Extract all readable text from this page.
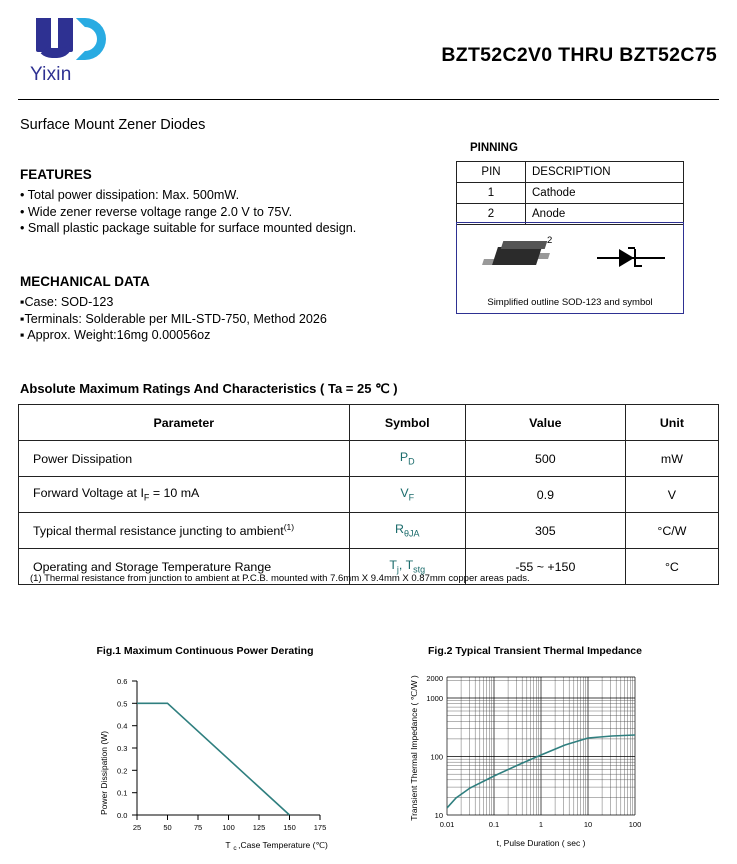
Yixin
BZT52C2V0 THRU BZT52C75
Surface Mount Zener Diodes
FEATURES
• Total power dissipation: Max. 500mW.
• Wide zener reverse voltage range 2.0 V to 75V.
• Small plastic package suitable for surface mounted design.
MECHANICAL DATA
▪Case: SOD-123
▪Terminals: Solderable per MIL-STD-750, Method 2026
▪ Approx. Weight:16mg 0.00056oz
PINNING
PIN	DESCRIPTION
1	Cathode
2	Anode
2
Simplified outline SOD-123 and symbol
Absolute Maximum Ratings And Characteristics ( Ta = 25 ℃ )
Parameter	Symbol	Value	Unit
Power Dissipation	$P_D$	500	mW
Forward Voltage at $I_F = 10$ mA	$V_F$	0.9	V
Typical thermal resistance juncting to ambient$^{(1)}$	$R_{\theta JA}$	305	°C/W
Operating and Storage Temperature Range	$T_j$, $T_{stg}$	-55 ~ +150	°C
(1) Thermal resistance from junction to ambient at P.C.B. mounted with 7.6mm X 9.4mm X 0.87mm copper areas pads.
Fig.1 Maximum Continuous Power Derating
0.0
0.1
0.2
0.3
0.4
0.5
0.6
25	50	75	100 125 150 175
Power Dissipation (W)
T c ,Case Temperature (℃)
Fig.2 Typical Transient Thermal Impedance
10
100
1000
2000
0.01	0.1	1	10	100
Transient Thermal Impedance ( ℃/W )
t, Pulse Duration ( sec )
